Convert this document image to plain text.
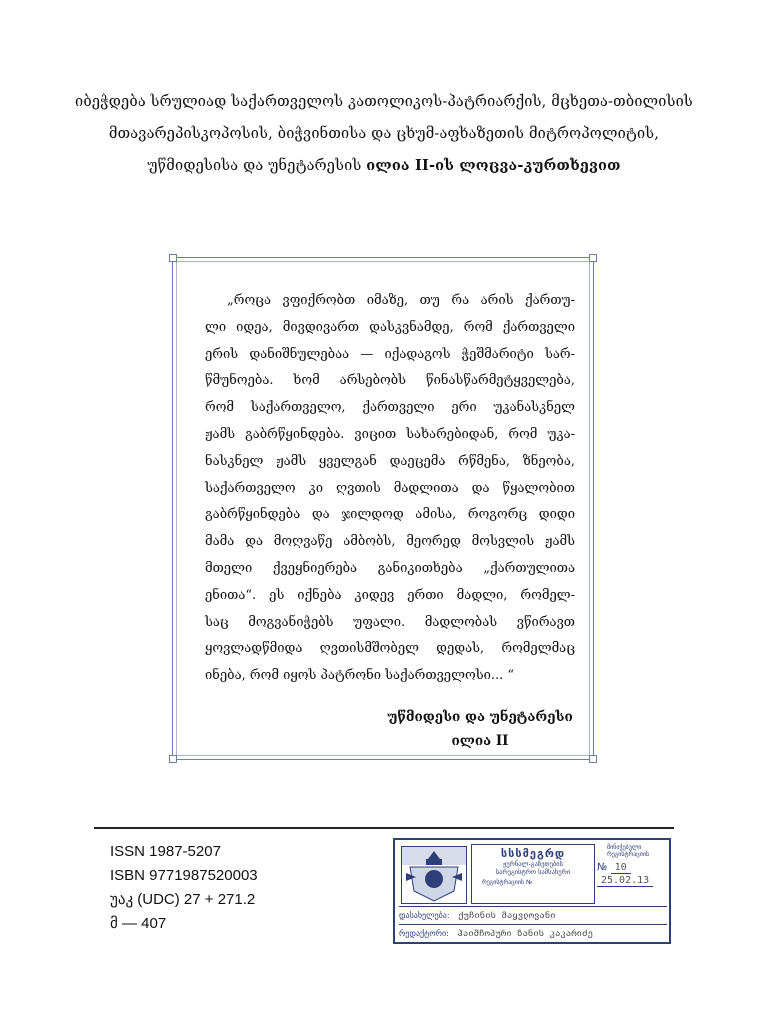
იბეჭდება სრულიად საქართველოს კათოლიკოს-პატრიარქის, მცხეთა-თბილისის
მთავარეპისკოპოსის, ბიჭვინთისა და ცხუმ-აფხაზეთის მიტროპოლიტის,
უწმიდესისა და უნეტარესის ილია II-ის ლოცვა-კურთხევით
„როცა ვფიქრობთ იმაზე, თუ რა არის ქართუ-
ლი იდეა, მივდივართ დასკვნამდე, რომ ქართველი
ერის დანიშნულებაა — იქადაგოს ჭეშმარიტი სარ-
წმუნოება. ხომ არსებობს წინასწარმეტყველება,
რომ საქართველო, ქართველი ერი უკანასკნელ
ჟამს გაბრწყინდება. ვიცით სახარებიდან, რომ უკა-
ნასკნელ ჟამს ყველგან დაეცემა რწმენა, ზნეობა,
საქართველო კი ღვთის მადლითა და წყალობით
გაბრწყინდება და ჯილდოდ ამისა, როგორც დიდი
მამა და მოღვაწე ამბობს, მეორედ მოსვლის ჟამს
მთელი ქვეყნიერება განიკითხება „ქართულითა
ენითა“. ეს იქნება კიდევ ერთი მადლი, რომელ-
საც მოგვანიჭებს უფალი. მადლობას ვწირავთ
ყოვლადწმიდა ღვთისმშობელ დედას, რომელმაც
ინება, რომ იყოს პატრონი საქართველოსი... “
უწმიდესი და უნეტარესი
ილია II
ISSN 1987-5207
ISBN 9771987520003
უაკ (UDC) 27 + 271.2
მ — 407
სსსმეგრდ
ჟურნალ-გაზეთების
სარეგისტრო სამსახური
რეგისტრაციის №
მინიჭებული
რეგისტრაციის
№ 10
25.02.13
დასახელება: ქუჩინის მაყვლოვანი
რედაქტორი: ჰაიმჩოპური ზანის კაკარიძე
